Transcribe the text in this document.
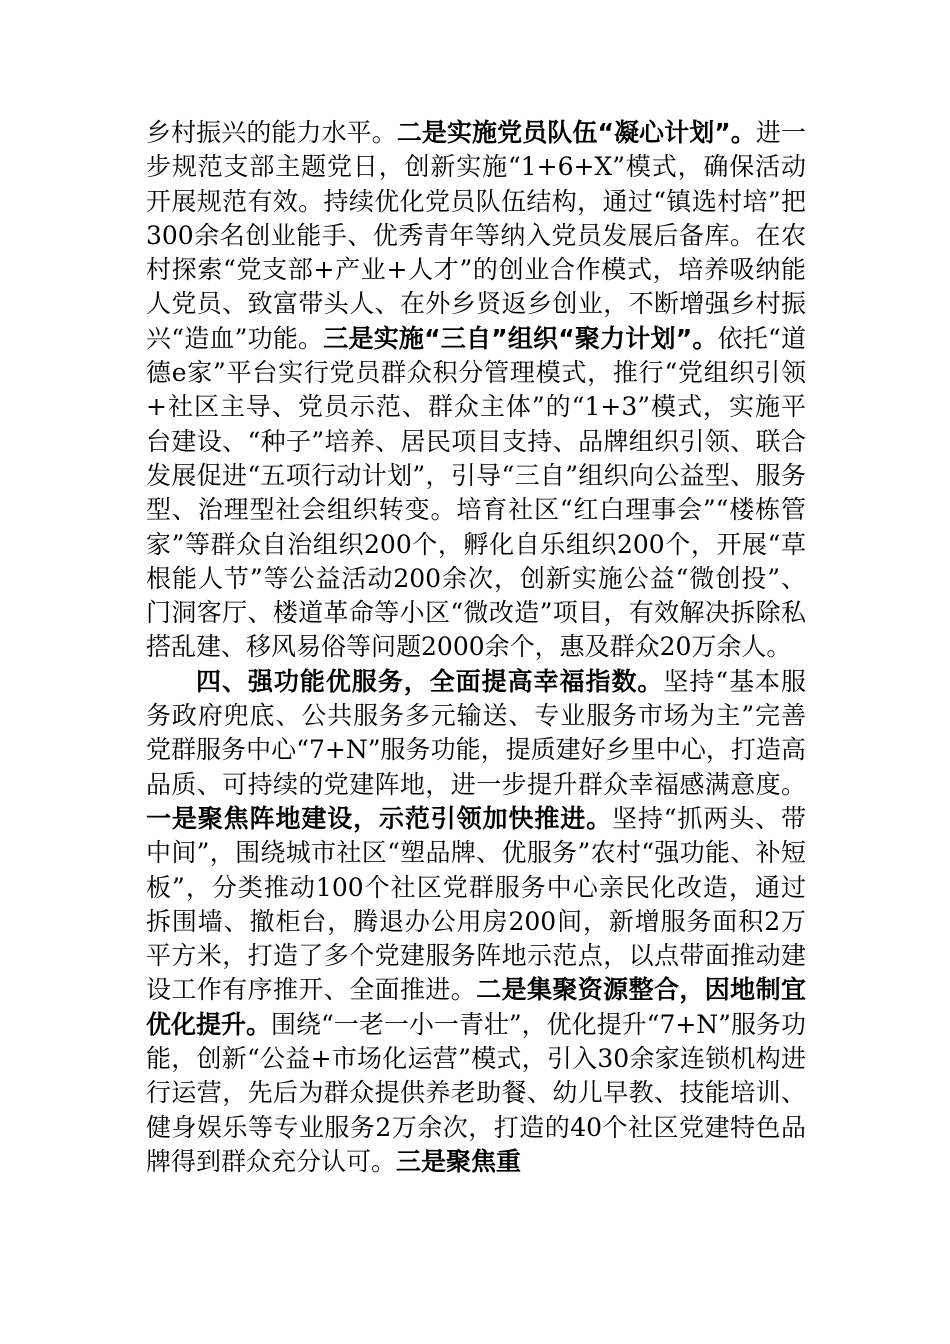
乡村振兴的能力水平。二是实施党员队伍“凝心计划”。进一步规范支部主题党日，创新实施“1+6+X”模式，确保活动开展规范有效。持续优化党员队伍结构，通过“镇选村培”把300余名创业能手、优秀青年等纳入党员发展后备库。在农村探索“党支部+产业+人才”的创业合作模式，培养吸纳能人党员、致富带头人、在外乡贤返乡创业，不断增强乡村振兴“造血”功能。三是实施“三自”组织“聚力计划”。依托“道德e家”平台实行党员群众积分管理模式，推行“党组织引领+社区主导、党员示范、群众主体”的“1+3”模式，实施平台建设、“种子”培养、居民项目支持、品牌组织引领、联合发展促进“五项行动计划”，引导“三自”组织向公益型、服务型、治理型社会组织转变。培育社区“红白理事会”“楼栋管家”等群众自治组织200个，孵化自乐组织200个，开展“草根能人节”等公益活动200余次，创新实施公益“微创投”、门洞客厅、楼道革命等小区“微改造”项目，有效解决拆除私搭乱建、移风易俗等问题2000余个，惠及群众20万余人。

四、强功能优服务，全面提高幸福指数。坚持“基本服务政府兜底、公共服务多元输送、专业服务市场为主”完善党群服务中心“7+N”服务功能，提质建好乡里中心，打造高品质、可持续的党建阵地，进一步提升群众幸福感满意度。一是聚焦阵地建设，示范引领加快推进。坚持“抓两头、带中间”，围绕城市社区“塑品牌、优服务”农村“强功能、补短板”，分类推动100个社区党群服务中心亲民化改造，通过拆围墙、撤柜台，腾退办公用房200间，新增服务面积2万平方米，打造了多个党建服务阵地示范点，以点带面推动建设工作有序推开、全面推进。二是集聚资源整合，因地制宜优化提升。围绕“一老一小一青壮”，优化提升“7+N”服务功能，创新“公益+市场化运营”模式，引入30余家连锁机构进行运营，先后为群众提供养老助餐、幼儿早教、技能培训、健身娱乐等专业服务2万余次，打造的40个社区党建特色品牌得到群众充分认可。三是聚焦重
